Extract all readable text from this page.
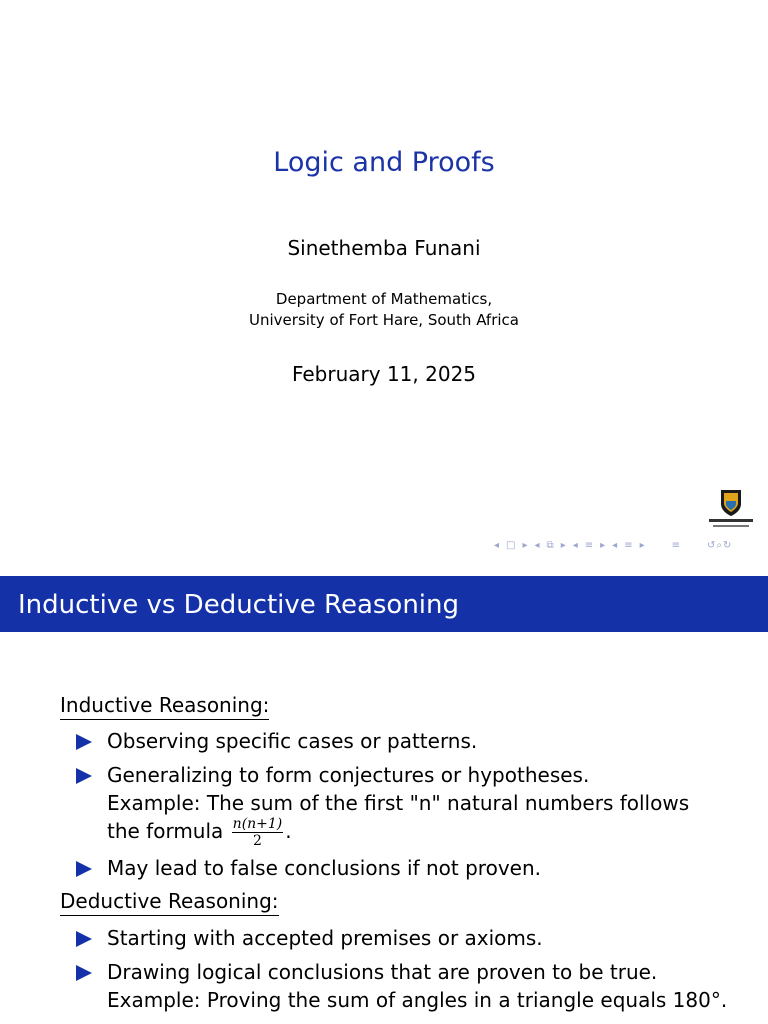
Logic and Proofs
Sinethemba Funani
Department of Mathematics,
University of Fort Hare, South Africa
February 11, 2025
◂ □ ▸ ◂ ⧉ ▸ ◂ ≡ ▸ ◂ ≡ ▸	≡	↺⌕↻
Inductive vs Deductive Reasoning
Inductive Reasoning:
Observing specific cases or patterns.
Generalizing to form conjectures or hypotheses.
Example: The sum of the first "n" natural numbers follows
the formula $\frac{n(n+1)}{2}$ .
May lead to false conclusions if not proven.
Deductive Reasoning:
Starting with accepted premises or axioms.
Drawing logical conclusions that are proven to be true.
Example: Proving the sum of angles in a triangle equals 180°.
